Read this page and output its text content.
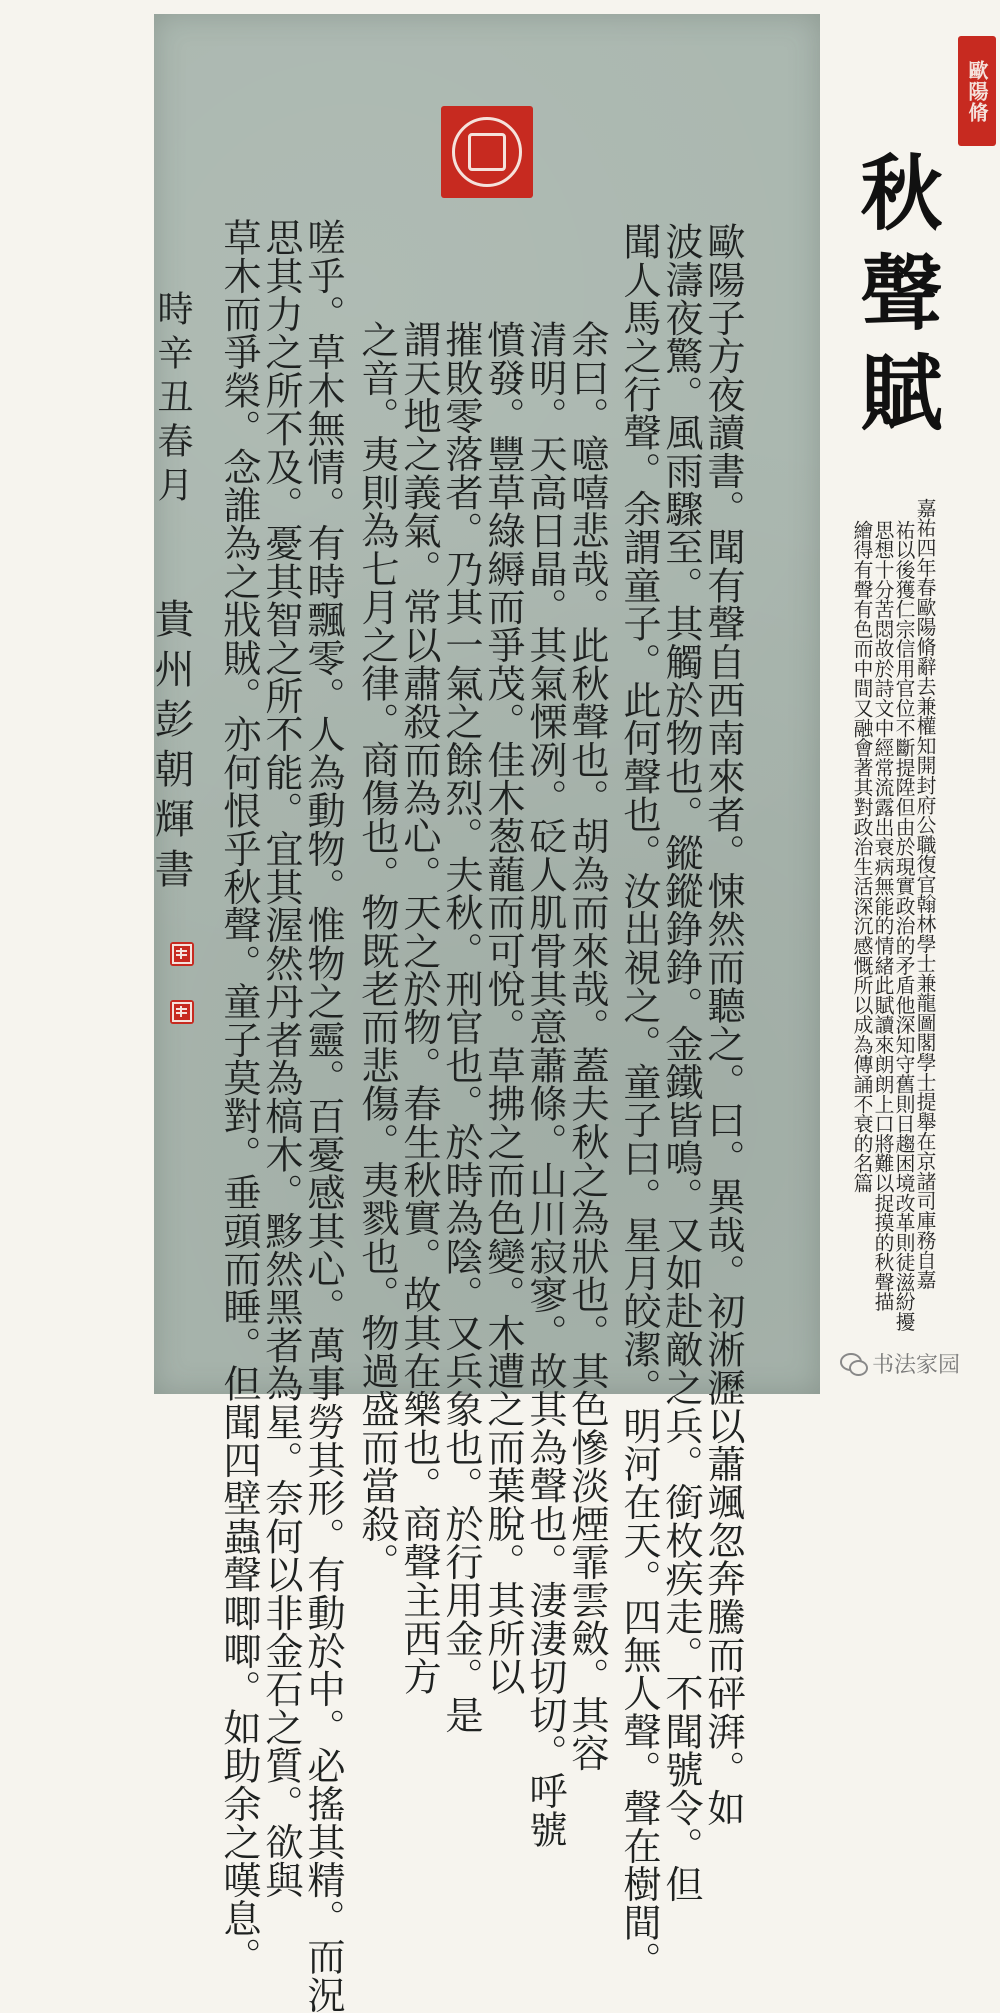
歐陽子方夜讀書。聞有聲自西南來者。悚然而聽之。曰。異哉。初淅瀝以蕭颯忽奔騰而砰湃。如
波濤夜驚。風雨驟至。其觸於物也。鏦鏦錚錚。金鐵皆鳴。又如赴敵之兵。銜枚疾走。不聞號令。但
聞人馬之行聲。余謂童子。此何聲也。汝出視之。童子曰。星月皎潔。明河在天。四無人聲。聲在樹間。
余曰。噫嘻悲哉。此秋聲也。胡為而來哉。蓋夫秋之為狀也。其色慘淡煙霏雲斂。其容
清明。天高日晶。其氣慄冽。砭人肌骨其意蕭條。山川寂寥。故其為聲也。淒淒切切。呼號
憤發。豐草綠縟而爭茂。佳木葱蘢而可悅。草拂之而色變。木遭之而葉脫。其所以
摧敗零落者。乃其一氣之餘烈。夫秋。刑官也。於時為陰。又兵象也。於行用金。是
謂天地之義氣。常以肅殺而為心。天之於物。春生秋實。故其在樂也。商聲主西方
之音。夷則為七月之律。商傷也。物既老而悲傷。夷戮也。物過盛而當殺。
嗟乎。草木無情。有時飄零。人為動物。惟物之靈。百憂感其心。萬事勞其形。有動於中。必搖其精。而況
思其力之所不及。憂其智之所不能。宜其渥然丹者為槁木。黟然黑者為星。奈何以非金石之質。欲與
草木而爭榮。念誰為之戕賊。亦何恨乎秋聲。童子莫對。垂頭而睡。但聞四壁蟲聲唧唧。如助余之嘆息。
時辛丑春月
貴州彭朝輝書
秋聲賦
歐陽脩
嘉祐四年春歐陽脩辭去兼權知開封府公職復官翰林學士兼龍圖閣學士提舉在京諸司庫務自嘉
祐以後獲仁宗信用官位不斷提陞但由於現實政治的矛盾他深知守舊則日趨困境改革則徒滋紛擾
思想十分苦悶故於詩文中經常流露出衰病無能的情緒此賦讀來朗朗上口將難以捉摸的秋聲描
繪得有聲有色而中間又融會著其對政治生活深沉感慨所以成為傳誦不衰的名篇
书法家园
